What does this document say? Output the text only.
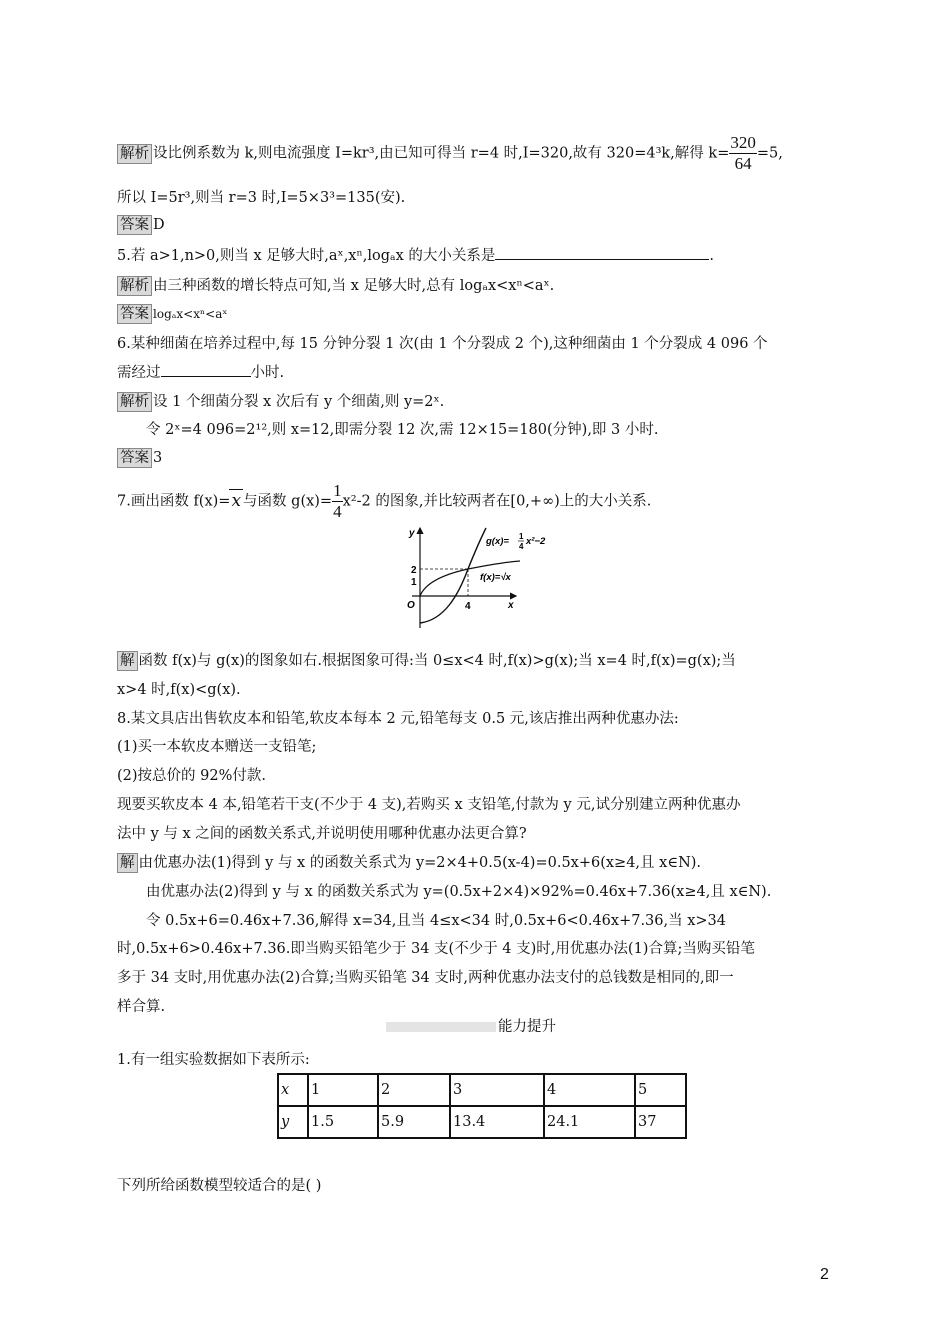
解析 设比例系数为 k,则电流强度 I=kr³,由已知可得当 r=4 时,I=320,故有 320=4³k,解得 $k= \frac{320}{64} =5$,
所以 I=5r³,则当 r=3 时,I=5×3³=135(安).
答案 D
5.若 a>1,n>0,则当 x 足够大时,aˣ,xⁿ,logₐx 的大小关系是	.
解析 由三种函数的增长特点可知,当 x 足够大时,总有 logₐx<xⁿ<aˣ.
答案 logₐx<xⁿ<aˣ
6.某种细菌在培养过程中,每 15 分钟分裂 1 次(由 1 个分裂成 2 个),这种细菌由 1 个分裂成 4 096 个
需经过	小时.
解析 设 1 个细菌分裂 x 次后有 y 个细菌,则 y=2ˣ.
令 2ˣ=4 096=2¹²,则 x=12,即需分裂 12 次,需 12×15=180(分钟),即 3 小时.
答案 3
7.画出函数 f(x)=x 与函数 $g(x)= \frac{1}{4} x^2-2$ 的图象,并比较两者在[0,+∞)上的大小关系.
y
x
O	4
2
1
g(x)= 1
4 x²−2
f(x)=√x
解 函数 f(x)与 g(x)的图象如右.根据图象可得:当 0≤x<4 时,f(x)>g(x);当 x=4 时,f(x)=g(x);当
x>4 时,f(x)<g(x).
8.某文具店出售软皮本和铅笔,软皮本每本 2 元,铅笔每支 0.5 元,该店推出两种优惠办法:
(1)买一本软皮本赠送一支铅笔;
(2)按总价的 92%付款.
现要买软皮本 4 本,铅笔若干支(不少于 4 支),若购买 x 支铅笔,付款为 y 元,试分别建立两种优惠办
法中 y 与 x 之间的函数关系式,并说明使用哪种优惠办法更合算?
解 由优惠办法(1)得到 y 与 x 的函数关系式为 y=2×4+0.5(x-4)=0.5x+6(x≥4,且 x∈N).
由优惠办法(2)得到 y 与 x 的函数关系式为 y=(0.5x+2×4)×92%=0.46x+7.36(x≥4,且 x∈N).
令 0.5x+6=0.46x+7.36,解得 x=34,且当 4≤x<34 时,0.5x+6<0.46x+7.36,当 x>34
时,0.5x+6>0.46x+7.36.即当购买铅笔少于 34 支(不少于 4 支)时,用优惠办法(1)合算;当购买铅笔
多于 34 支时,用优惠办法(2)合算;当购买铅笔 34 支时,两种优惠办法支付的总钱数是相同的,即一
样合算.
能力提升
1.有一组实验数据如下表所示:
x	1	2	3	4	5
y	1.5	5.9	13.4	24.1	37
下列所给函数模型较适合的是( )
2
